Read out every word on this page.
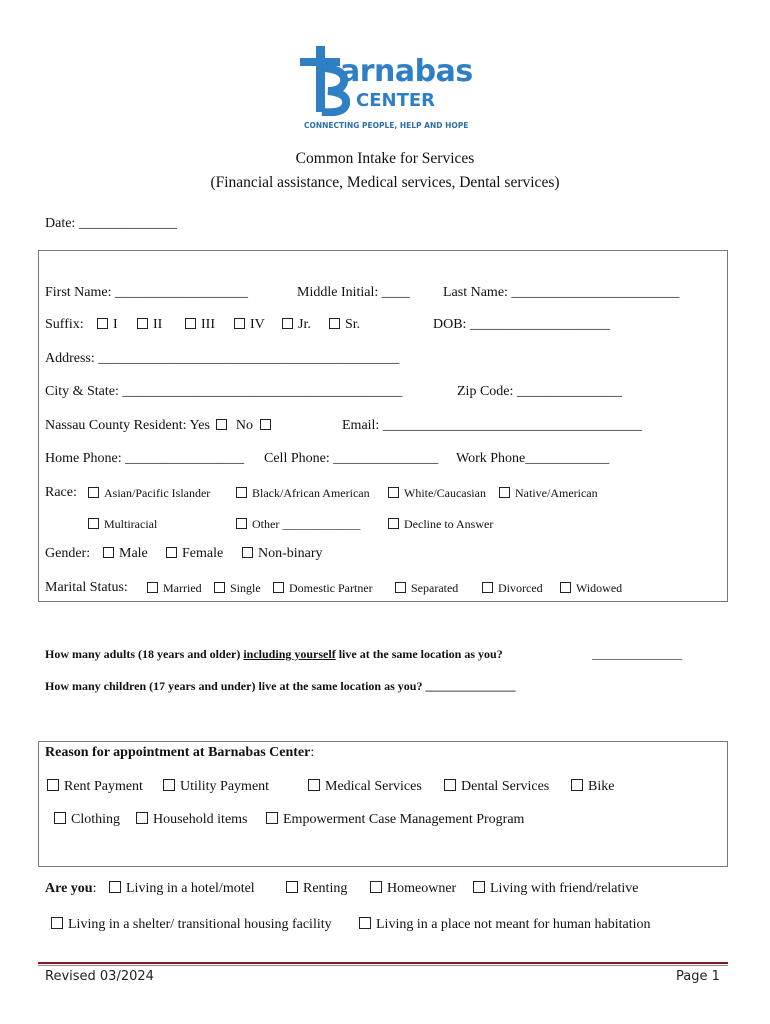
arnabas
CENTER
CONNECTING PEOPLE, HELP AND HOPE
Common Intake for Services
(Financial assistance, Medical services, Dental services)
Date: ______________
First Name: ___________________	Middle Initial: ____ Last Name: ________________________
Suffix:	I	II	III	IV	Jr.	Sr.	DOB: ____________________
Address: ___________________________________________
City & State: ________________________________________	Zip Code: _______________
Nassau County Resident: Yes No	Email: _____________________________________
Home Phone: _________________ Cell Phone: _______________ Work Phone____________
Race:	Asian/Pacific Islander	Black/African American	White/Caucasian	Native/American
Multiracial	Other _____________	Decline to Answer
Gender:	Male	Female	Non-binary
Marital Status:	Married	Single	Domestic Partner	Separated	Divorced	Widowed
How many adults (18 years and older) including yourself live at the same location as you?	_______________
How many children (17 years and under) live at the same location as you? _______________
Reason for appointment at Barnabas Center:
Rent Payment	Utility Payment	Medical Services	Dental Services	Bike
Clothing	Household items	Empowerment Case Management Program
Are you:	Living in a hotel/motel	Renting	Homeowner	Living with friend/relative
Living in a shelter/ transitional housing facility	Living in a place not meant for human habitation
Revised 03/2024	Page 1
